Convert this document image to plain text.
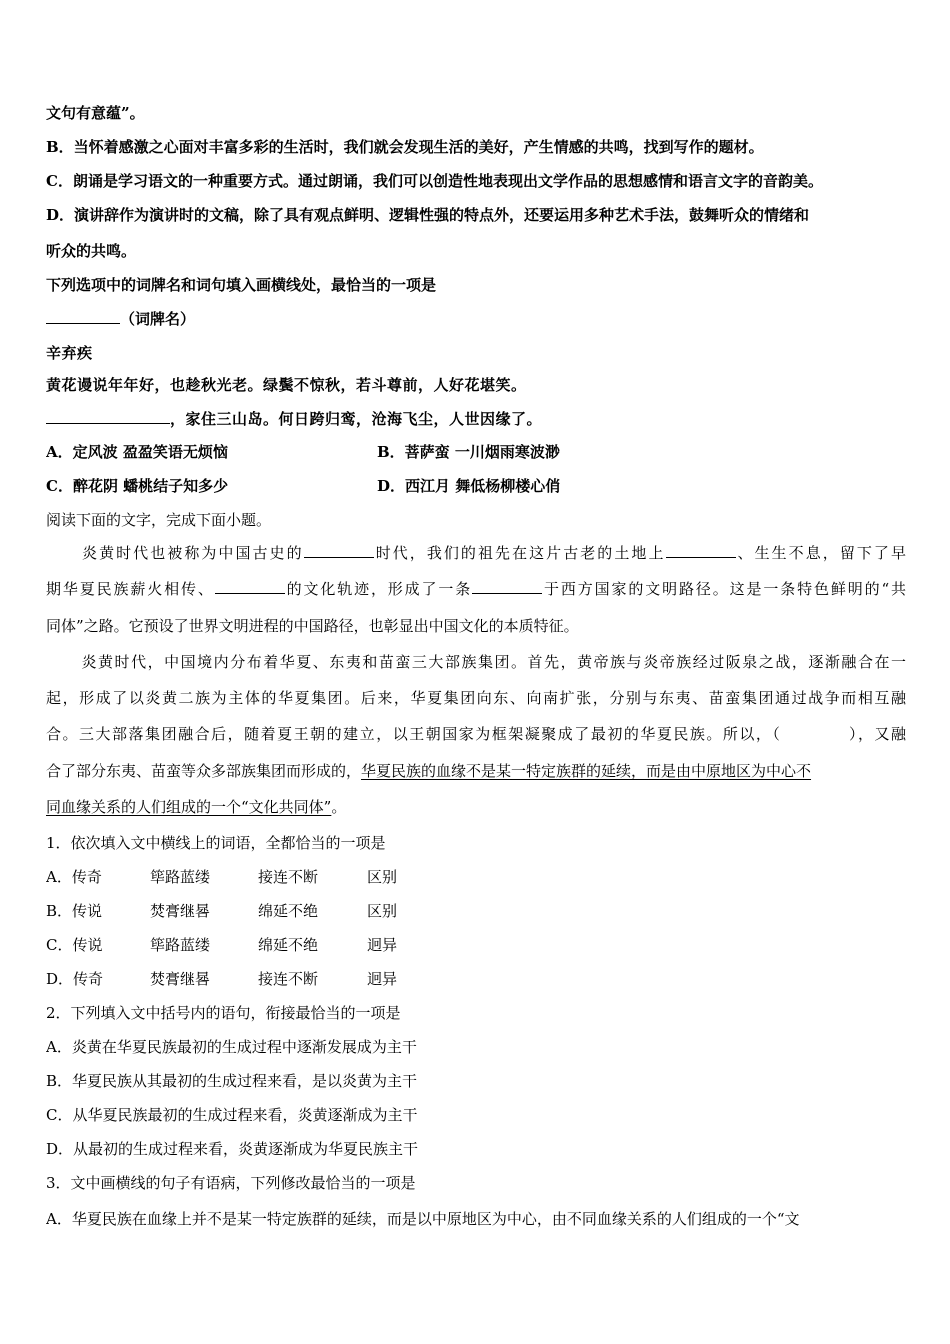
文句有意蕴”。
B．当怀着感激之心面对丰富多彩的生活时，我们就会发现生活的美好，产生情感的共鸣，找到写作的题材。
C．朗诵是学习语文的一种重要方式。通过朗诵，我们可以创造性地表现出文学作品的思想感情和语言文字的音韵美。
D．演讲辞作为演讲时的文稿，除了具有观点鲜明、逻辑性强的特点外，还要运用多种艺术手法，鼓舞听众的情绪和
听众的共鸣。
下列选项中的词牌名和词句填入画横线处，最恰当的一项是
（词牌名）
辛弃疾
黄花谩说年年好，也趁秋光老。绿鬓不惊秋，若斗尊前，人好花堪笑。
，家住三山岛。何日跨归鸾，沧海飞尘，人世因缘了。
A．定风波 盈盈笑语无烦恼	B．菩萨蛮 一川烟雨寒波渺
C．醉花阴 蟠桃结子知多少	D．西江月 舞低杨柳楼心俏
阅读下面的文字，完成下面小题。
炎黄时代也被称为中国古史的	时代，我们的祖先在这片古老的土地上	、生生不息，留下了早
期华夏民族薪火相传、	的文化轨迹，形成了一条	于西方国家的文明路径。这是一条特色鲜明的“共
同体”之路。它预设了世界文明进程的中国路径，也彰显出中国文化的本质特征。
炎黄时代，中国境内分布着华夏、东夷和苗蛮三大部族集团。首先，黄帝族与炎帝族经过阪泉之战，逐渐融合在一
起，形成了以炎黄二族为主体的华夏集团。后来，华夏集团向东、向南扩张，分别与东夷、苗蛮集团通过战争而相互融
合。三大部落集团融合后，随着夏王朝的建立，以王朝国家为框架凝聚成了最初的华夏民族。所以，（	），又融
合了部分东夷、苗蛮等众多部族集团而形成的，华夏民族的血缘不是某一特定族群的延续，而是由中原地区为中心不
同血缘关系的人们组成的一个“文化共同体”。
1．依次填入文中横线上的词语，全都恰当的一项是
A．传奇	筚路蓝缕	接连不断	区别
B．传说	焚膏继晷	绵延不绝	区别
C．传说	筚路蓝缕	绵延不绝	迥异
D．传奇	焚膏继晷	接连不断	迥异
2．下列填入文中括号内的语句，衔接最恰当的一项是
A．炎黄在华夏民族最初的生成过程中逐渐发展成为主干
B．华夏民族从其最初的生成过程来看，是以炎黄为主干
C．从华夏民族最初的生成过程来看，炎黄逐渐成为主干
D．从最初的生成过程来看，炎黄逐渐成为华夏民族主干
3．文中画横线的句子有语病，下列修改最恰当的一项是
A．华夏民族在血缘上并不是某一特定族群的延续，而是以中原地区为中心，由不同血缘关系的人们组成的一个“文
